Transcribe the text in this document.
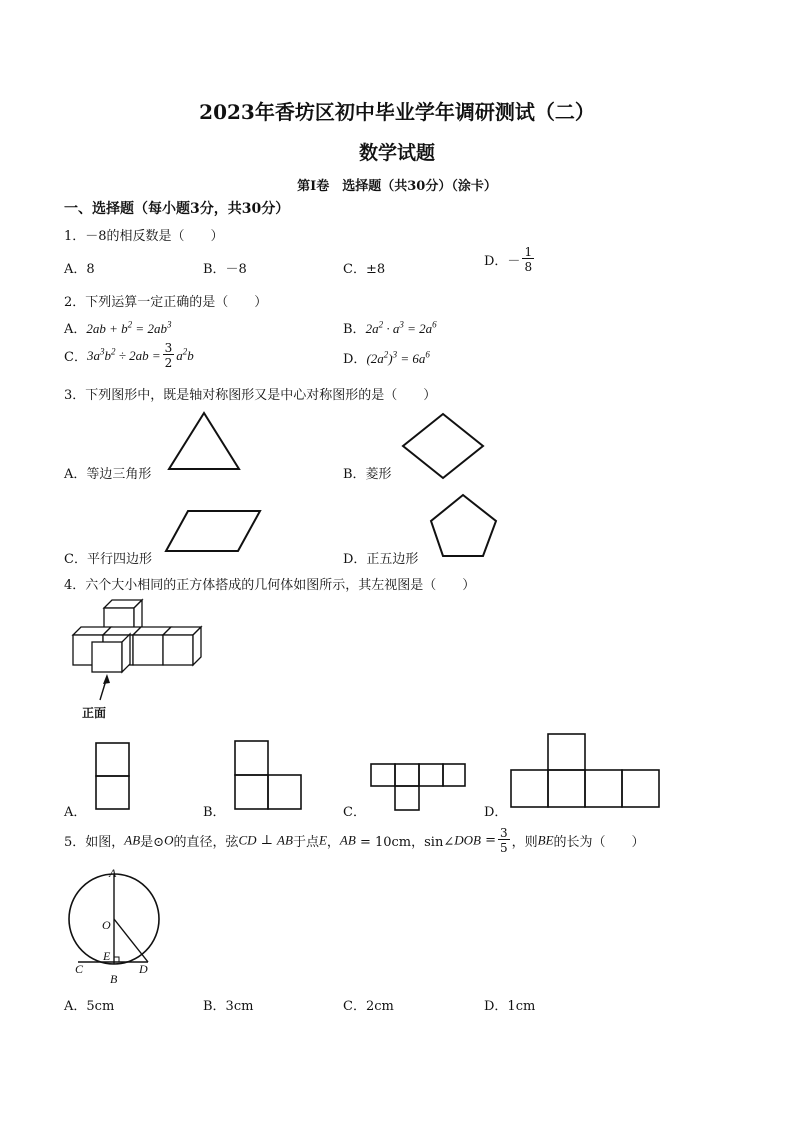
2023年香坊区初中毕业学年调研测试（二）
数学试题
第Ⅰ卷　选择题（共30分）（涂卡）
一、选择题（每小题3分，共30分）
1．－8的相反数是（　　）
A．8	B．－8	C．±8
D．－ $\frac{1}{8}$
2．下列运算一定正确的是（　　）
A．$2ab + b^2 = 2ab^3$	B．$2a^2 \cdot a^3 = 2a^6$
C．$3a^3b^2 \div 2ab = \frac{3}{2} a^2b$	D．$(2a^2)^3 = 6a^6$
3．下列图形中，既是轴对称图形又是中心对称图形的是（　　）
A．等边三角形	B．菱形
C．平行四边形	D．正五边形
4．六个大小相同的正方体搭成的几何体如图所示，其左视图是（　　）
正面
A．	B．	C．	D．
5．如图，AB是⊙O的直径，弦CD ⊥ AB于点E，AB = 10cm，sin∠DOB = $\frac{3}{5}$ ，则BE的长为（　　）
A
O
E
C
B
D
A．5cm	B．3cm	C．2cm	D．1cm
